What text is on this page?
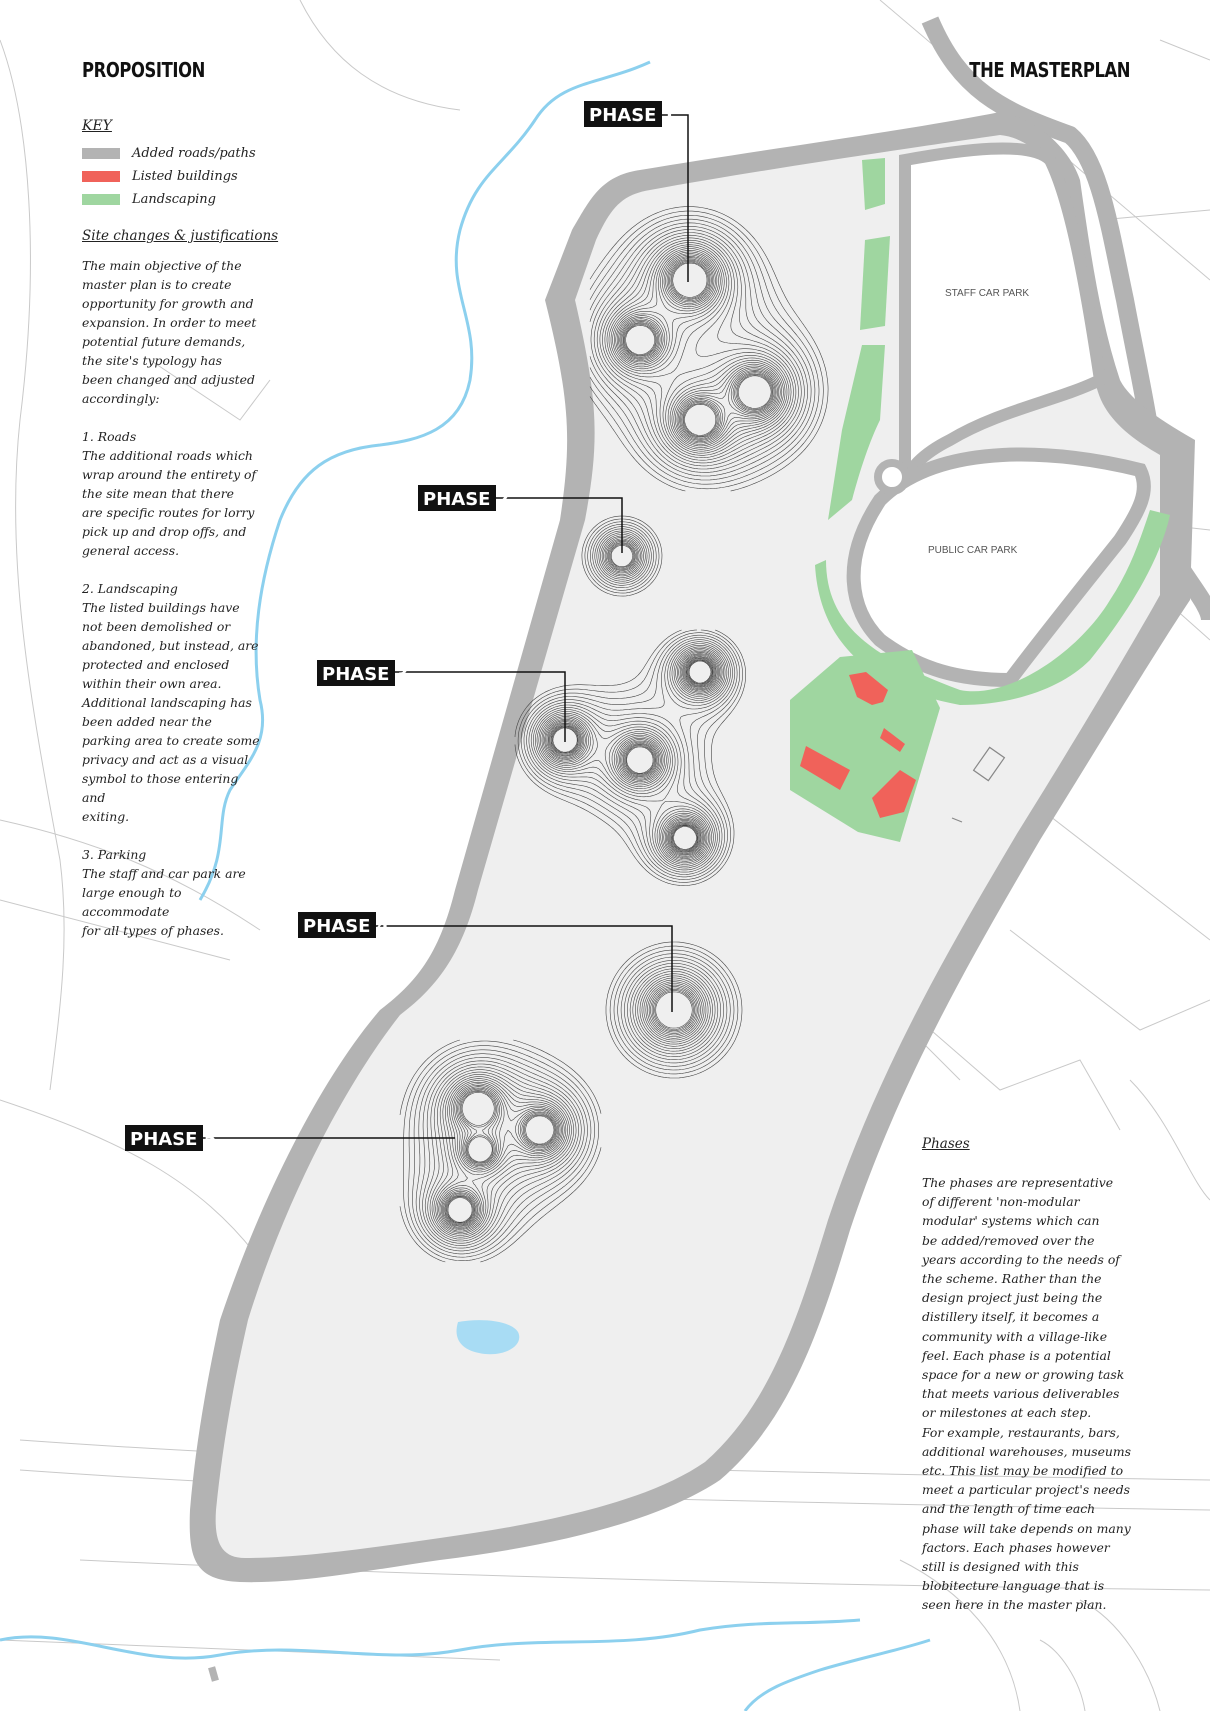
STAFF CAR PARK
PUBLIC CAR PARK
PHASE 1
PHASE 2
PHASE 3
PHASE 4
PHASE 5
PROPOSITION	THE MASTERPLAN
KEY
Added roads/paths
Listed buildings
Landscaping

Site changes & justifications

The main objective of the
master plan is to create
opportunity for growth and
expansion. In order to meet
potential future demands,
the site's typology has
been changed and adjusted
accordingly:

1. Roads
The additional roads which
wrap around the entirety of
the site mean that there
are specific routes for lorry
pick up and drop offs, and
general access.

2. Landscaping
The listed buildings have
not been demolished or
abandoned, but instead, are
protected and enclosed
within their own area.
Additional landscaping has
been added near the
parking area to create some
privacy and act as a visual
symbol to those entering and
exiting.

3. Parking
The staff and car park are
large enough to accommodate
for all types of phases.

Phases

The phases are representative
of different 'non-modular
modular' systems which can
be added/removed over the
years according to the needs of
the scheme. Rather than the
design project just being the
distillery itself, it becomes a
community with a village-like
feel. Each phase is a potential
space for a new or growing task
that meets various deliverables
or milestones at each step.
For example, restaurants, bars,
additional warehouses, museums
etc. This list may be modified to
meet a particular project's needs
and the length of time each
phase will take depends on many
factors. Each phases however
still is designed with this
blobitecture language that is
seen here in the master plan.
